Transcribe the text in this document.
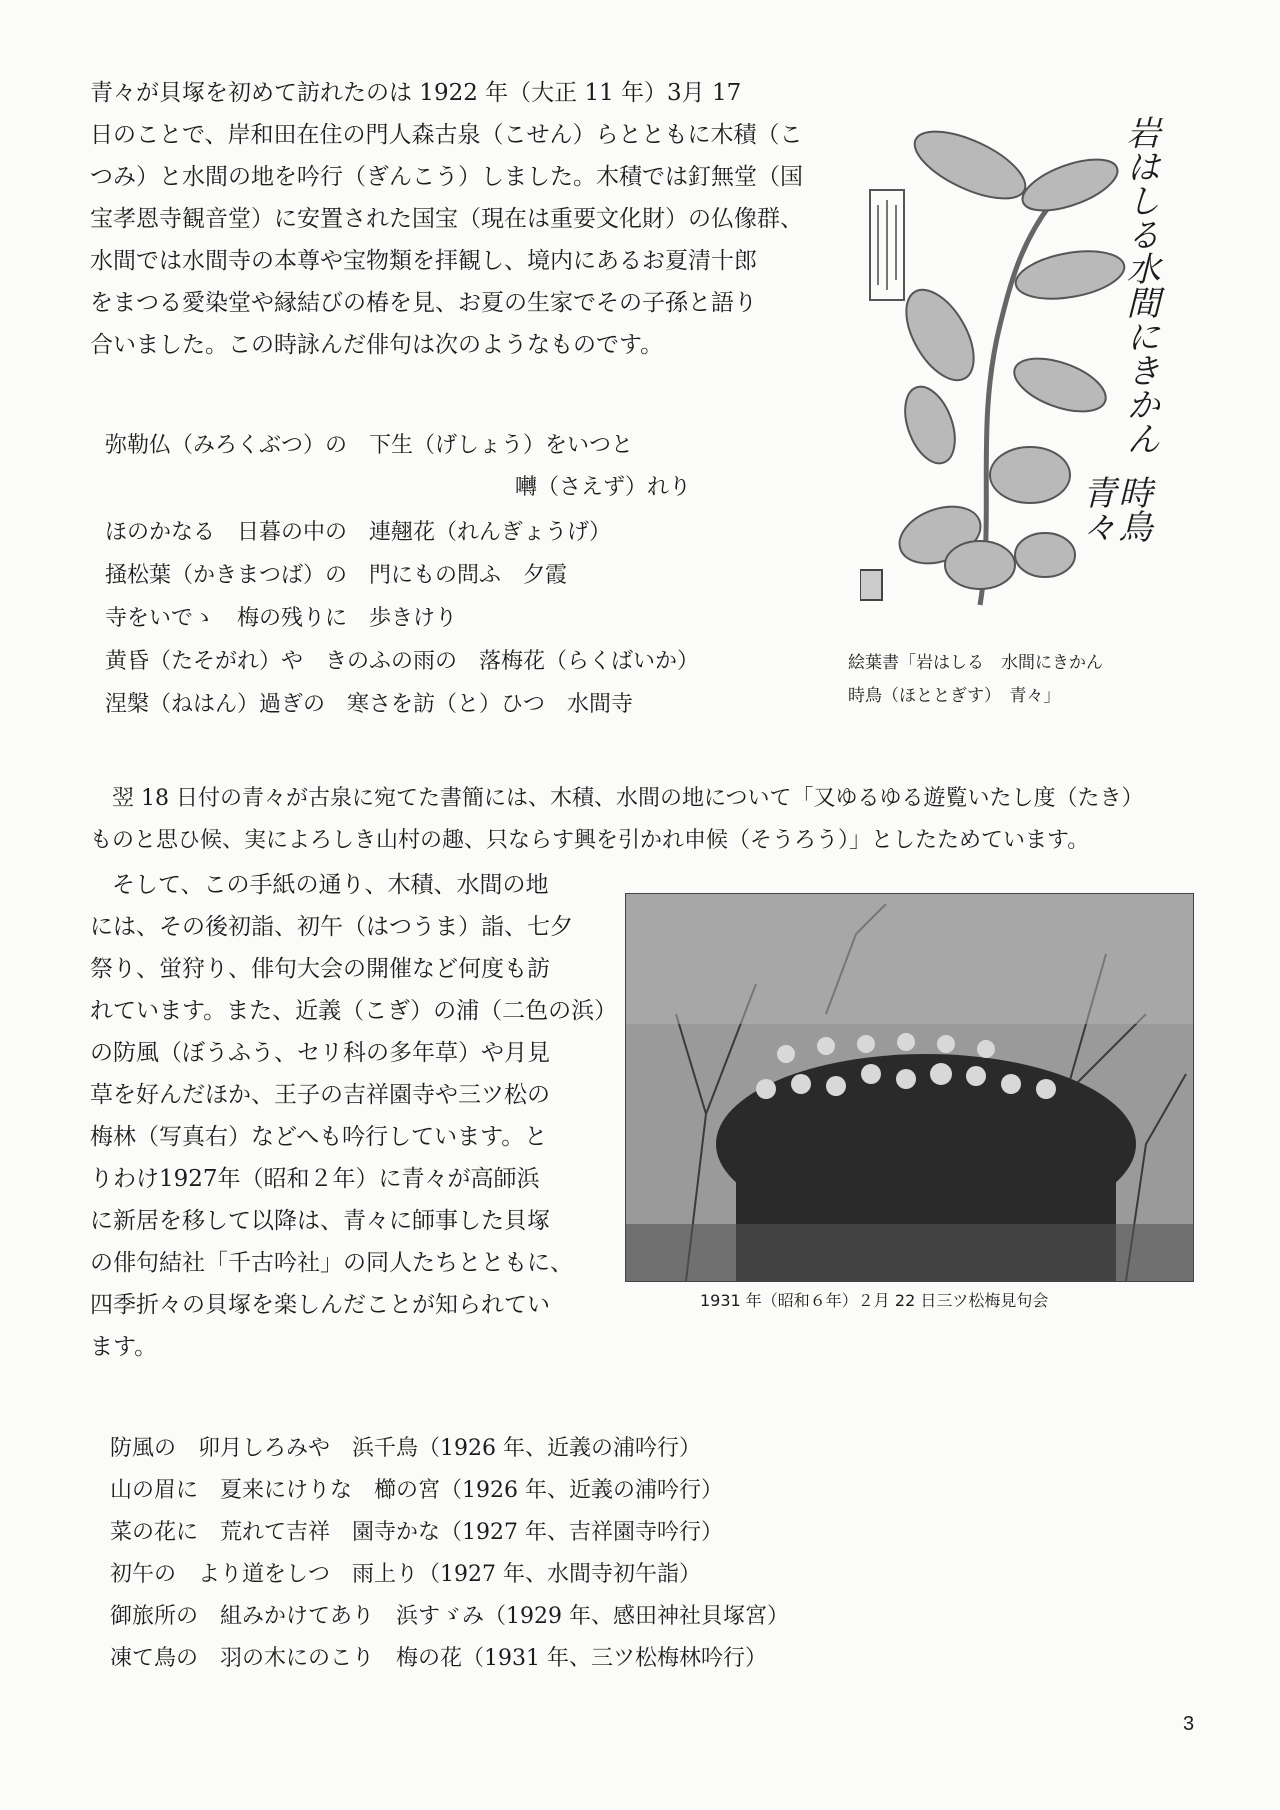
青々が貝塚を初めて訪れたのは 1922 年（大正 11 年）3月 17

日のことで、岸和田在住の門人森古泉（こせん）らとともに木積（こ

つみ）と水間の地を吟行（ぎんこう）しました。木積では釘無堂（国

宝孝恩寺観音堂）に安置された国宝（現在は重要文化財）の仏像群、

水間では水間寺の本尊や宝物類を拝観し、境内にあるお夏清十郎

をまつる愛染堂や縁結びの椿を見、お夏の生家でその子孫と語り

合いました。この時詠んだ俳句は次のようなものです。

弥勒仏（みろくぶつ）の　下生（げしょう）をいつと
囀（さえず）れり
ほのかなる　日暮の中の　連翹花（れんぎょうげ）
掻松葉（かきまつば）の　門にもの問ふ　夕霞
寺をいでゝ　梅の残りに　歩きけり
黄昏（たそがれ）や　きのふの雨の　落梅花（らくばいか）
涅槃（ねはん）過ぎの　寒さを訪（と）ひつ　水間寺
岩はしる水間にきかん
時鳥　青々
絵葉書「岩はしる　水間にきかん
時鳥（ほととぎす）　青々」

翌 18 日付の青々が古泉に宛てた書簡には、木積、水間の地について「又ゆるゆる遊覧いたし度（たき）

ものと思ひ候、実によろしき山村の趣、只ならす興を引かれ申候（そうろう）」としたためています。

そして、この手紙の通り、木積、水間の地

には、その後初詣、初午（はつうま）詣、七夕

祭り、蛍狩り、俳句大会の開催など何度も訪

れています。また、近義（こぎ）の浦（二色の浜）

の防風（ぼうふう、セリ科の多年草）や月見

草を好んだほか、王子の吉祥園寺や三ツ松の

梅林（写真右）などへも吟行しています。と

りわけ1927年（昭和２年）に青々が高師浜

に新居を移して以降は、青々に師事した貝塚

の俳句結社「千古吟社」の同人たちとともに、

四季折々の貝塚を楽しんだことが知られてい

ます。

1931 年（昭和６年）２月 22 日三ツ松梅見句会

防風の　卯月しろみや　浜千鳥（1926 年、近義の浦吟行）

山の眉に　夏来にけりな　櫛の宮（1926 年、近義の浦吟行）

菜の花に　荒れて吉祥　園寺かな（1927 年、吉祥園寺吟行）

初午の　より道をしつ　雨上り（1927 年、水間寺初午詣）

御旅所の　組みかけてあり　浜すゞみ（1929 年、感田神社貝塚宮）

凍て鳥の　羽の木にのこり　梅の花（1931 年、三ツ松梅林吟行）

3
